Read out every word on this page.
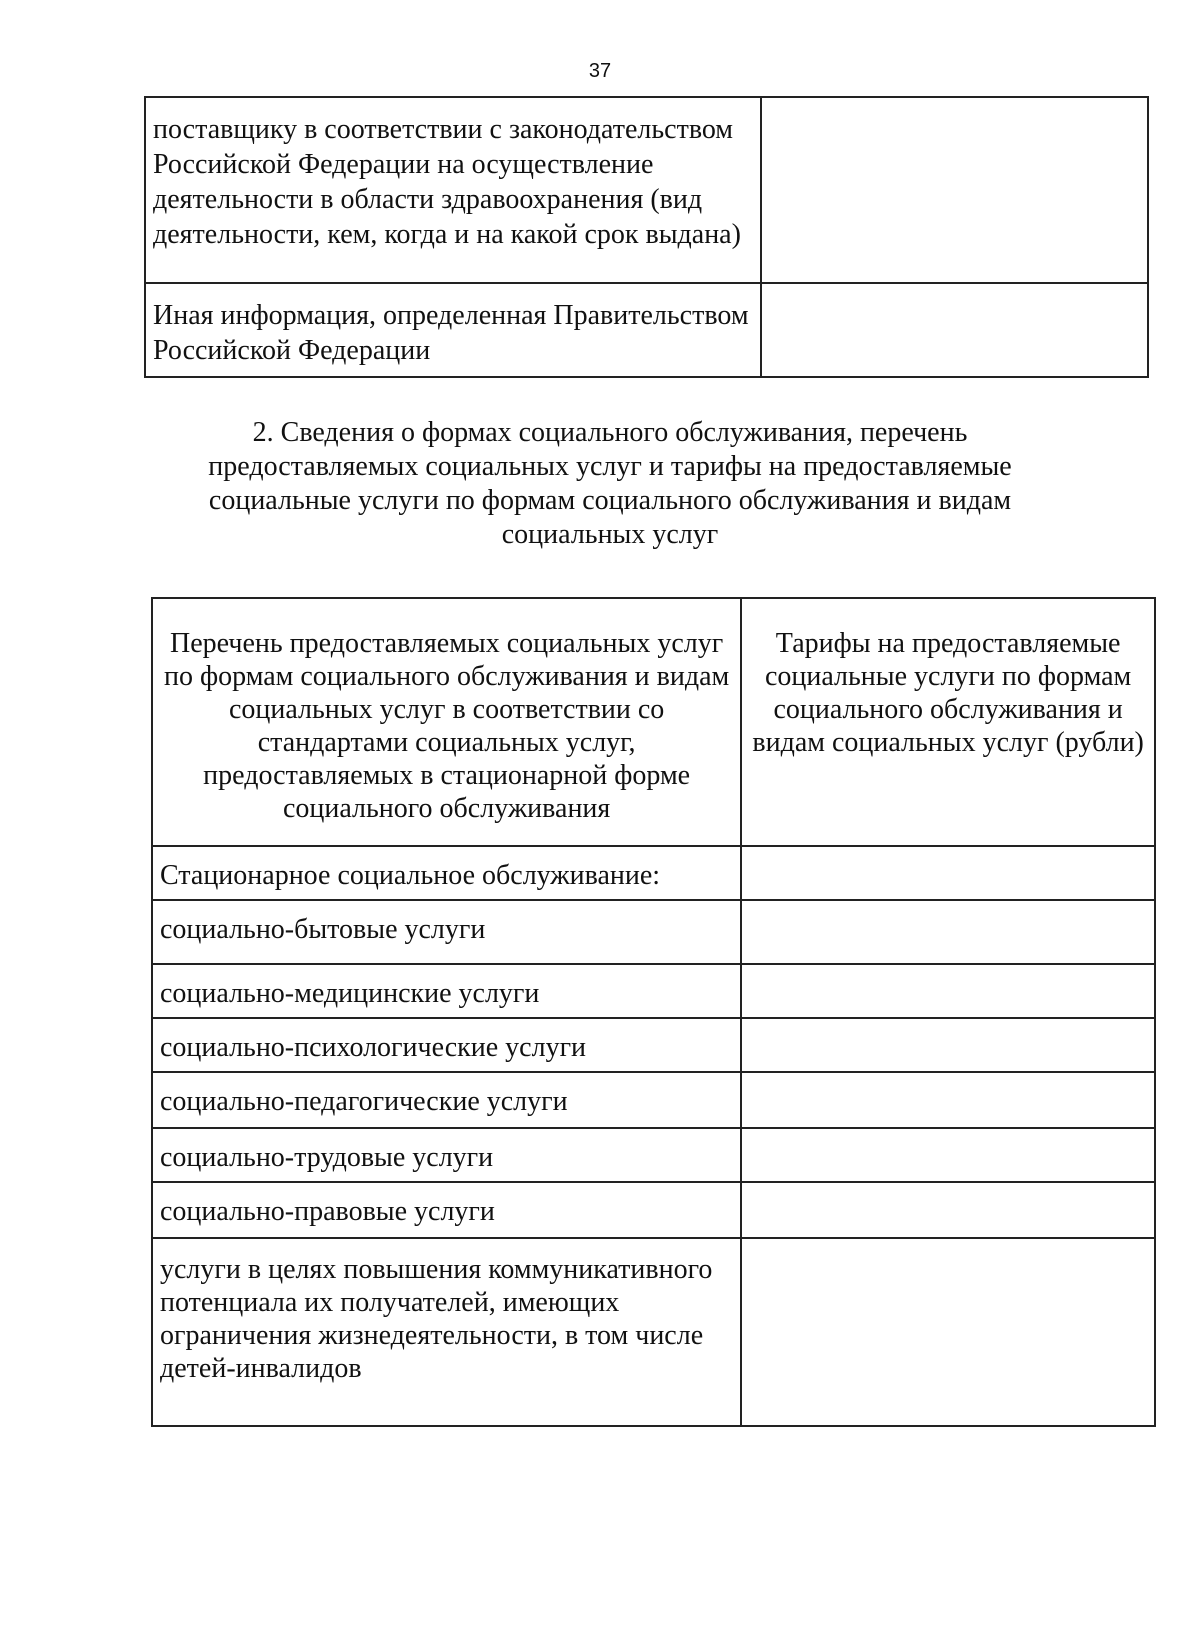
37
поставщику в соответствии с законодательством Российской Федерации на осуществление деятельности в области здравоохранения (вид деятельности, кем, когда и на какой срок выдана)	
Иная информация, определенная Правительством Российской Федерации	
2. Сведения о формах социального обслуживания, перечень предоставляемых социальных услуг и тарифы на предоставляемые социальные услуги по формам социального обслуживания и видам социальных услуг
Перечень предоставляемых социальных услуг по формам социального обслуживания и видам социальных услуг в соответствии со стандартами социальных услуг, предоставляемых в стационарной форме социального обслуживания	Тарифы на предоставляемые социальные услуги по формам социального обслуживания и видам социальных услуг (рубли)
Стационарное социальное обслуживание:	
социально-бытовые услуги	
социально-медицинские услуги	
социально-психологические услуги	
социально-педагогические услуги	
социально-трудовые услуги	
социально-правовые услуги	
услуги в целях повышения коммуникативного потенциала их получателей, имеющих ограничения жизнедеятельности, в том числе детей-инвалидов	
